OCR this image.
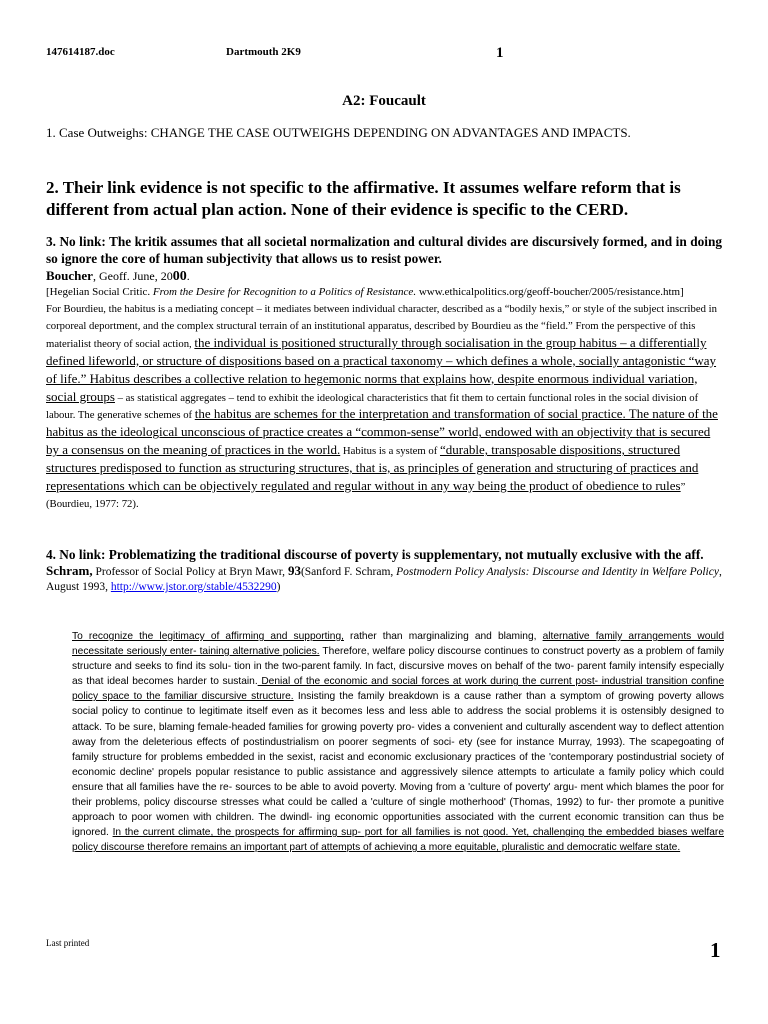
147614187.doc	Dartmouth 2K9	1
A2: Foucault
1. Case Outweighs: CHANGE THE CASE OUTWEIGHS DEPENDING ON ADVANTAGES AND IMPACTS.
2. Their link evidence is not specific to the affirmative. It assumes welfare reform that is different from actual plan action. None of their evidence is specific to the CERD.
3. No link: The kritik assumes that all societal normalization and cultural divides are discursively formed, and in doing so ignore the core of human subjectivity that allows us to resist power.
Boucher, Geoff. June, 2000.
[Hegelian Social Critic. From the Desire for Recognition to a Politics of Resistance. www.ethicalpolitics.org/geoff-boucher/2005/resistance.htm]
For Bourdieu, the habitus is a mediating concept – it mediates between individual character, described as a “bodily hexis,” or style of the subject inscribed in corporeal deportment, and the complex structural terrain of an institutional apparatus, described by Bourdieu as the “field.” From the perspective of this materialist theory of social action, the individual is positioned structurally through socialisation in the group habitus – a differentially defined lifeworld, or structure of dispositions based on a practical taxonomy – which defines a whole, socially antagonistic “way of life.” Habitus describes a collective relation to hegemonic norms that explains how, despite enormous individual variation, social groups – as statistical aggregates – tend to exhibit the ideological characteristics that fit them to certain functional roles in the social division of labour. The generative schemes of the habitus are schemes for the interpretation and transformation of social practice. The nature of the habitus as the ideological unconscious of practice creates a “common-sense” world, endowed with an objectivity that is secured by a consensus on the meaning of practices in the world. Habitus is a system of “durable, transposable dispositions, structured structures predisposed to function as structuring structures, that is, as principles of generation and structuring of practices and representations which can be objectively regulated and regular without in any way being the product of obedience to rules” (Bourdieu, 1977: 72).
4. No link: Problematizing the traditional discourse of poverty is supplementary, not mutually exclusive with the aff.
Schram, Professor of Social Policy at Bryn Mawr, 93(Sanford F. Schram, Postmodern Policy Analysis: Discourse and Identity in Welfare Policy, August 1993, http://www.jstor.org/stable/4532290)
To recognize the legitimacy of affirming and supporting, rather than marginalizing and blaming, alternative family arrangements would necessitate seriously enter- taining alternative policies. Therefore, welfare policy discourse continues to construct poverty as a problem of family structure and seeks to find its solu- tion in the two-parent family. In fact, discursive moves on behalf of the two- parent family intensify especially as that ideal becomes harder to sustain. Denial of the economic and social forces at work during the current post- industrial transition confine policy space to the familiar discursive structure. Insisting the family breakdown is a cause rather than a symptom of growing poverty allows social policy to continue to legitimate itself even as it becomes less and less able to address the social problems it is ostensibly designed to attack. To be sure, blaming female-headed families for growing poverty pro- vides a convenient and culturally ascendent way to deflect attention away from the deleterious effects of postindustrialism on poorer segments of soci- ety (see for instance Murray, 1993). The scapegoating of family structure for problems embedded in the sexist, racist and economic exclusionary practices of the 'contemporary postindustrial society of economic decline' propels popular resistance to public assistance and aggressively silence attempts to articulate a family policy which could ensure that all families have the re- sources to be able to avoid poverty. Moving from a 'culture of poverty' argu- ment which blames the poor for their problems, policy discourse stresses what could be called a 'culture of single motherhood' (Thomas, 1992) to fur- ther promote a punitive approach to poor women with children. The dwindl- ing economic opportunities associated with the current economic transition can thus be ignored. In the current climate, the prospects for affirming sup- port for all families is not good. Yet, challenging the embedded biases welfare policy discourse therefore remains an important part of attempts of achieving a more equitable, pluralistic and democratic welfare state.
Last printed	1
